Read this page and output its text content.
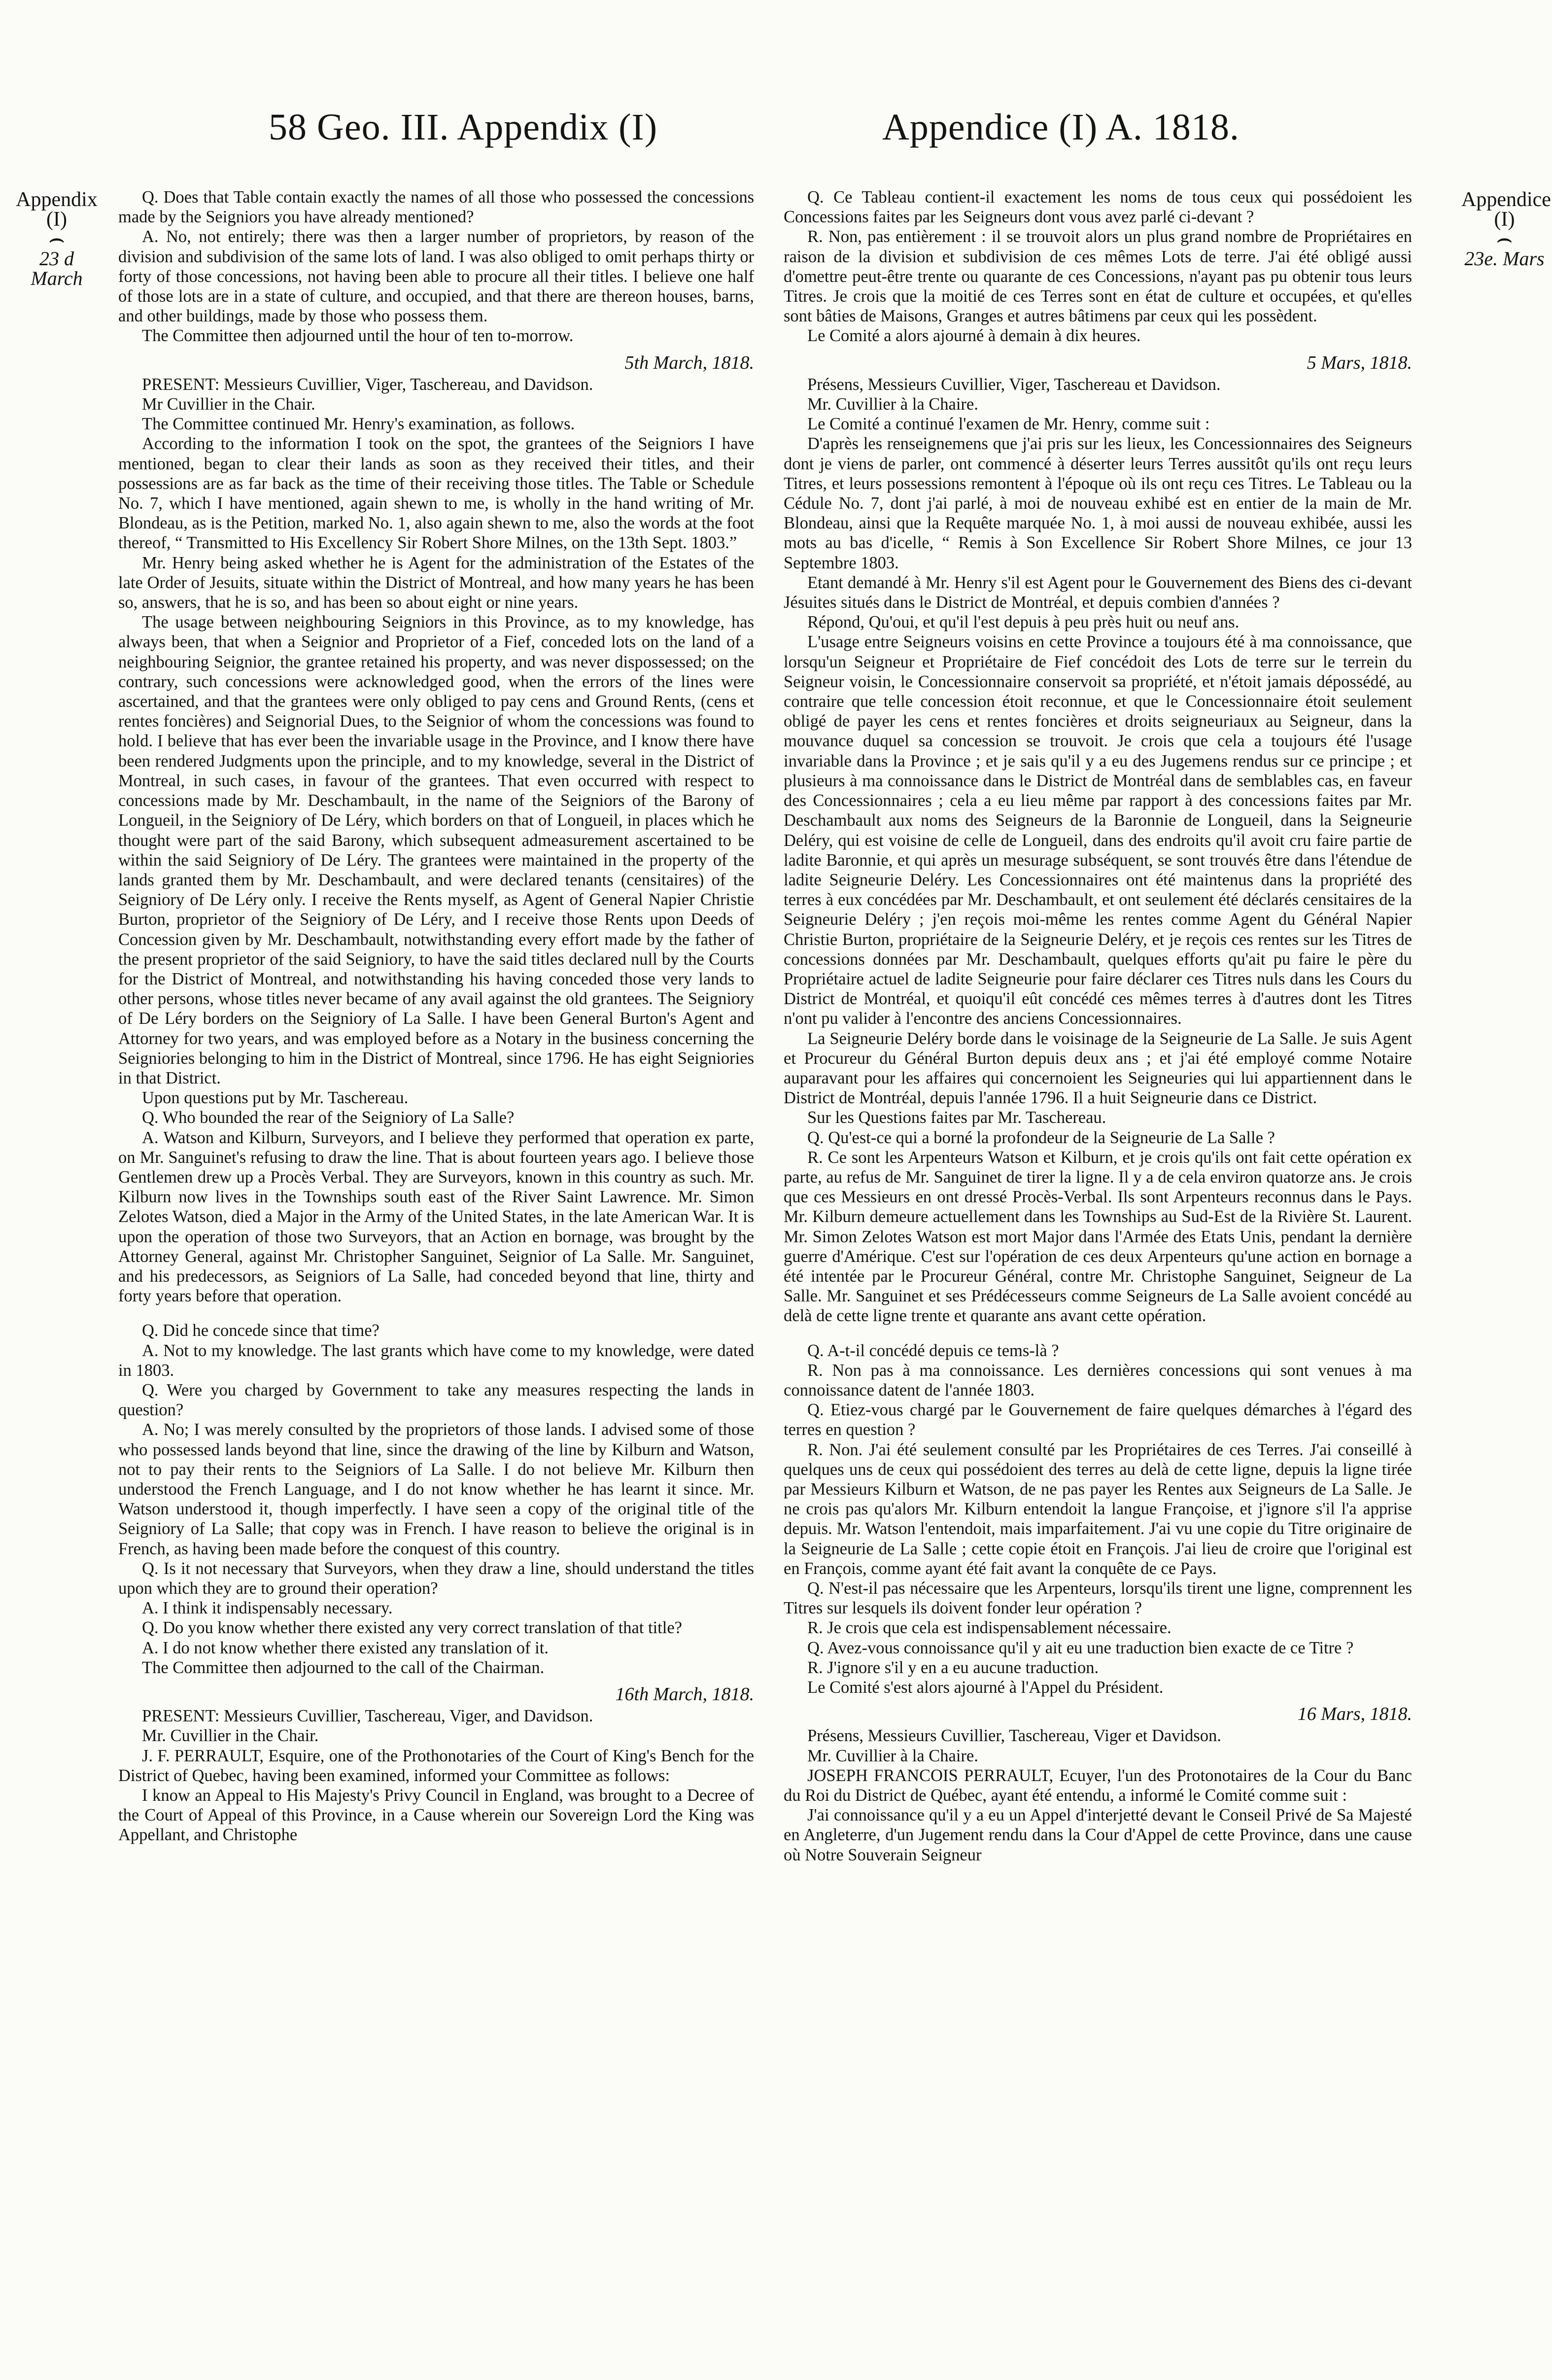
58 Geo. III. Appendix (I)	Appendice (I) A. 1818.
Appendix
(I)
⌢
23 d March
Appendice
(I)
⌢
23e. Mars

Q. Does that Table contain exactly the names of all those who possessed the concessions made by the Seigniors you have already mentioned?

A. No, not entirely; there was then a larger number of proprietors, by reason of the division and subdivision of the same lots of land. I was also obliged to omit perhaps thirty or forty of those concessions, not having been able to procure all their titles. I believe one half of those lots are in a state of culture, and occupied, and that there are thereon houses, barns, and other buildings, made by those who possess them.

The Committee then adjourned until the hour of ten to-morrow.

5th March, 1818.

PRESENT: Messieurs Cuvillier, Viger, Taschereau, and Davidson.

Mr Cuvillier in the Chair.

The Committee continued Mr. Henry's examination, as follows.

According to the information I took on the spot, the grantees of the Seigniors I have mentioned, began to clear their lands as soon as they received their titles, and their possessions are as far back as the time of their receiving those titles. The Table or Schedule No. 7, which I have mentioned, again shewn to me, is wholly in the hand writing of Mr. Blondeau, as is the Petition, marked No. 1, also again shewn to me, also the words at the foot thereof, “ Transmitted to His Excellency Sir Robert Shore Milnes, on the 13th Sept. 1803.”

Mr. Henry being asked whether he is Agent for the administration of the Estates of the late Order of Jesuits, situate within the District of Montreal, and how many years he has been so, answers, that he is so, and has been so about eight or nine years.

The usage between neighbouring Seigniors in this Province, as to my knowledge, has always been, that when a Seignior and Proprietor of a Fief, conceded lots on the land of a neighbouring Seignior, the grantee retained his property, and was never dispossessed; on the contrary, such concessions were acknowledged good, when the errors of the lines were ascertained, and that the grantees were only obliged to pay cens and Ground Rents, (cens et rentes foncières) and Seignorial Dues, to the Seignior of whom the concessions was found to hold. I believe that has ever been the invariable usage in the Province, and I know there have been rendered Judgments upon the principle, and to my knowledge, several in the District of Montreal, in such cases, in favour of the grantees. That even occurred with respect to concessions made by Mr. Deschambault, in the name of the Seigniors of the Barony of Longueil, in the Seigniory of De Léry, which borders on that of Longueil, in places which he thought were part of the said Barony, which subsequent admeasurement ascertained to be within the said Seigniory of De Léry. The grantees were maintained in the property of the lands granted them by Mr. Deschambault, and were declared tenants (censitaires) of the Seigniory of De Léry only. I receive the Rents myself, as Agent of General Napier Christie Burton, proprietor of the Seigniory of De Léry, and I receive those Rents upon Deeds of Concession given by Mr. Deschambault, notwithstanding every effort made by the father of the present proprietor of the said Seigniory, to have the said titles declared null by the Courts for the District of Montreal, and notwithstanding his having conceded those very lands to other persons, whose titles never became of any avail against the old grantees. The Seigniory of De Léry borders on the Seigniory of La Salle. I have been General Burton's Agent and Attorney for two years, and was employed before as a Notary in the business concerning the Seigniories belonging to him in the District of Montreal, since 1796. He has eight Seigniories in that District.

Upon questions put by Mr. Taschereau.

Q. Who bounded the rear of the Seigniory of La Salle?

A. Watson and Kilburn, Surveyors, and I believe they performed that operation ex parte, on Mr. Sanguinet's refusing to draw the line. That is about fourteen years ago. I believe those Gentlemen drew up a Procès Verbal. They are Surveyors, known in this country as such. Mr. Kilburn now lives in the Townships south east of the River Saint Lawrence. Mr. Simon Zelotes Watson, died a Major in the Army of the United States, in the late American War. It is upon the operation of those two Surveyors, that an Action en bornage, was brought by the Attorney General, against Mr. Christopher Sanguinet, Seignior of La Salle. Mr. Sanguinet, and his predecessors, as Seigniors of La Salle, had conceded beyond that line, thirty and forty years before that operation.

Q. Did he concede since that time?

A. Not to my knowledge. The last grants which have come to my knowledge, were dated in 1803.

Q. Were you charged by Government to take any measures respecting the lands in question?

A. No; I was merely consulted by the proprietors of those lands. I advised some of those who possessed lands beyond that line, since the drawing of the line by Kilburn and Watson, not to pay their rents to the Seigniors of La Salle. I do not believe Mr. Kilburn then understood the French Language, and I do not know whether he has learnt it since. Mr. Watson understood it, though imperfectly. I have seen a copy of the original title of the Seigniory of La Salle; that copy was in French. I have reason to believe the original is in French, as having been made before the conquest of this country.

Q. Is it not necessary that Surveyors, when they draw a line, should understand the titles upon which they are to ground their operation?

A. I think it indispensably necessary.

Q. Do you know whether there existed any very correct translation of that title?

A. I do not know whether there existed any translation of it.

The Committee then adjourned to the call of the Chairman.

16th March, 1818.

PRESENT: Messieurs Cuvillier, Taschereau, Viger, and Davidson.

Mr. Cuvillier in the Chair.

J. F. PERRAULT, Esquire, one of the Prothonotaries of the Court of King's Bench for the District of Quebec, having been examined, informed your Committee as follows:

I know an Appeal to His Majesty's Privy Council in England, was brought to a Decree of the Court of Appeal of this Province, in a Cause wherein our Sovereign Lord the King was Appellant, and Christophe

Q. Ce Tableau contient-il exactement les noms de tous ceux qui possédoient les Concessions faites par les Seigneurs dont vous avez parlé ci-devant ?

R. Non, pas entièrement : il se trouvoit alors un plus grand nombre de Propriétaires en raison de la division et subdivision de ces mêmes Lots de terre. J'ai été obligé aussi d'omettre peut-être trente ou quarante de ces Concessions, n'ayant pas pu obtenir tous leurs Titres. Je crois que la moitié de ces Terres sont en état de culture et occupées, et qu'elles sont bâties de Maisons, Granges et autres bâtimens par ceux qui les possèdent.

Le Comité a alors ajourné à demain à dix heures.

5 Mars, 1818.

Présens, Messieurs Cuvillier, Viger, Taschereau et Davidson.

Mr. Cuvillier à la Chaire.

Le Comité a continué l'examen de Mr. Henry, comme suit :

D'après les renseignemens que j'ai pris sur les lieux, les Concessionnaires des Seigneurs dont je viens de parler, ont commencé à déserter leurs Terres aussitôt qu'ils ont reçu leurs Titres, et leurs possessions remontent à l'époque où ils ont reçu ces Titres. Le Tableau ou la Cédule No. 7, dont j'ai parlé, à moi de nouveau exhibé est en entier de la main de Mr. Blondeau, ainsi que la Requête marquée No. 1, à moi aussi de nouveau exhibée, aussi les mots au bas d'icelle, “ Remis à Son Excellence Sir Robert Shore Milnes, ce jour 13 Septembre 1803.

Etant demandé à Mr. Henry s'il est Agent pour le Gouvernement des Biens des ci-devant Jésuites situés dans le District de Montréal, et depuis combien d'années ?

Répond, Qu'oui, et qu'il l'est depuis à peu près huit ou neuf ans.

L'usage entre Seigneurs voisins en cette Province a toujours été à ma connoissance, que lorsqu'un Seigneur et Propriétaire de Fief concédoit des Lots de terre sur le terrein du Seigneur voisin, le Concessionnaire conservoit sa propriété, et n'étoit jamais dépossédé, au contraire que telle concession étoit reconnue, et que le Concessionnaire étoit seulement obligé de payer les cens et rentes foncières et droits seigneuriaux au Seigneur, dans la mouvance duquel sa concession se trouvoit. Je crois que cela a toujours été l'usage invariable dans la Province ; et je sais qu'il y a eu des Jugemens rendus sur ce principe ; et plusieurs à ma connoissance dans le District de Montréal dans de semblables cas, en faveur des Concessionnaires ; cela a eu lieu même par rapport à des concessions faites par Mr. Deschambault aux noms des Seigneurs de la Baronnie de Longueil, dans la Seigneurie Deléry, qui est voisine de celle de Longueil, dans des endroits qu'il avoit cru faire partie de ladite Baronnie, et qui après un mesurage subséquent, se sont trouvés être dans l'étendue de ladite Seigneurie Deléry. Les Concessionnaires ont été maintenus dans la propriété des terres à eux concédées par Mr. Deschambault, et ont seulement été déclarés censitaires de la Seigneurie Deléry ; j'en reçois moi-même les rentes comme Agent du Général Napier Christie Burton, propriétaire de la Seigneurie Deléry, et je reçois ces rentes sur les Titres de concessions données par Mr. Deschambault, quelques efforts qu'ait pu faire le père du Propriétaire actuel de ladite Seigneurie pour faire déclarer ces Titres nuls dans les Cours du District de Montréal, et quoiqu'il eût concédé ces mêmes terres à d'autres dont les Titres n'ont pu valider à l'encontre des anciens Concessionnaires.

La Seigneurie Deléry borde dans le voisinage de la Seigneurie de La Salle. Je suis Agent et Procureur du Général Burton depuis deux ans ; et j'ai été employé comme Notaire auparavant pour les affaires qui concernoient les Seigneuries qui lui appartiennent dans le District de Montréal, depuis l'année 1796. Il a huit Seigneurie dans ce District.

Sur les Questions faites par Mr. Taschereau.

Q. Qu'est-ce qui a borné la profondeur de la Seigneurie de La Salle ?

R. Ce sont les Arpenteurs Watson et Kilburn, et je crois qu'ils ont fait cette opération ex parte, au refus de Mr. Sanguinet de tirer la ligne. Il y a de cela environ quatorze ans. Je crois que ces Messieurs en ont dressé Procès-Verbal. Ils sont Arpenteurs reconnus dans le Pays. Mr. Kilburn demeure actuellement dans les Townships au Sud-Est de la Rivière St. Laurent. Mr. Simon Zelotes Watson est mort Major dans l'Armée des Etats Unis, pendant la dernière guerre d'Amérique. C'est sur l'opération de ces deux Arpenteurs qu'une action en bornage a été intentée par le Procureur Général, contre Mr. Christophe Sanguinet, Seigneur de La Salle. Mr. Sanguinet et ses Prédécesseurs comme Seigneurs de La Salle avoient concédé au delà de cette ligne trente et quarante ans avant cette opération.

Q. A-t-il concédé depuis ce tems-là ?

R. Non pas à ma connoissance. Les dernières concessions qui sont venues à ma connoissance datent de l'année 1803.

Q. Etiez-vous chargé par le Gouvernement de faire quelques démarches à l'égard des terres en question ?

R. Non. J'ai été seulement consulté par les Propriétaires de ces Terres. J'ai conseillé à quelques uns de ceux qui possédoient des terres au delà de cette ligne, depuis la ligne tirée par Messieurs Kilburn et Watson, de ne pas payer les Rentes aux Seigneurs de La Salle. Je ne crois pas qu'alors Mr. Kilburn entendoit la langue Françoise, et j'ignore s'il l'a apprise depuis. Mr. Watson l'entendoit, mais imparfaitement. J'ai vu une copie du Titre originaire de la Seigneurie de La Salle ; cette copie étoit en François. J'ai lieu de croire que l'original est en François, comme ayant été fait avant la conquête de ce Pays.

Q. N'est-il pas nécessaire que les Arpenteurs, lorsqu'ils tirent une ligne, comprennent les Titres sur lesquels ils doivent fonder leur opération ?

R. Je crois que cela est indispensablement nécessaire.

Q. Avez-vous connoissance qu'il y ait eu une traduction bien exacte de ce Titre ?

R. J'ignore s'il y en a eu aucune traduction.

Le Comité s'est alors ajourné à l'Appel du Président.

16 Mars, 1818.

Présens, Messieurs Cuvillier, Taschereau, Viger et Davidson.

Mr. Cuvillier à la Chaire.

JOSEPH FRANCOIS PERRAULT, Ecuyer, l'un des Protonotaires de la Cour du Banc du Roi du District de Québec, ayant été entendu, a informé le Comité comme suit :

J'ai connoissance qu'il y a eu un Appel d'interjetté devant le Conseil Privé de Sa Majesté en Angleterre, d'un Jugement rendu dans la Cour d'Appel de cette Province, dans une cause où Notre Souverain Seigneur
